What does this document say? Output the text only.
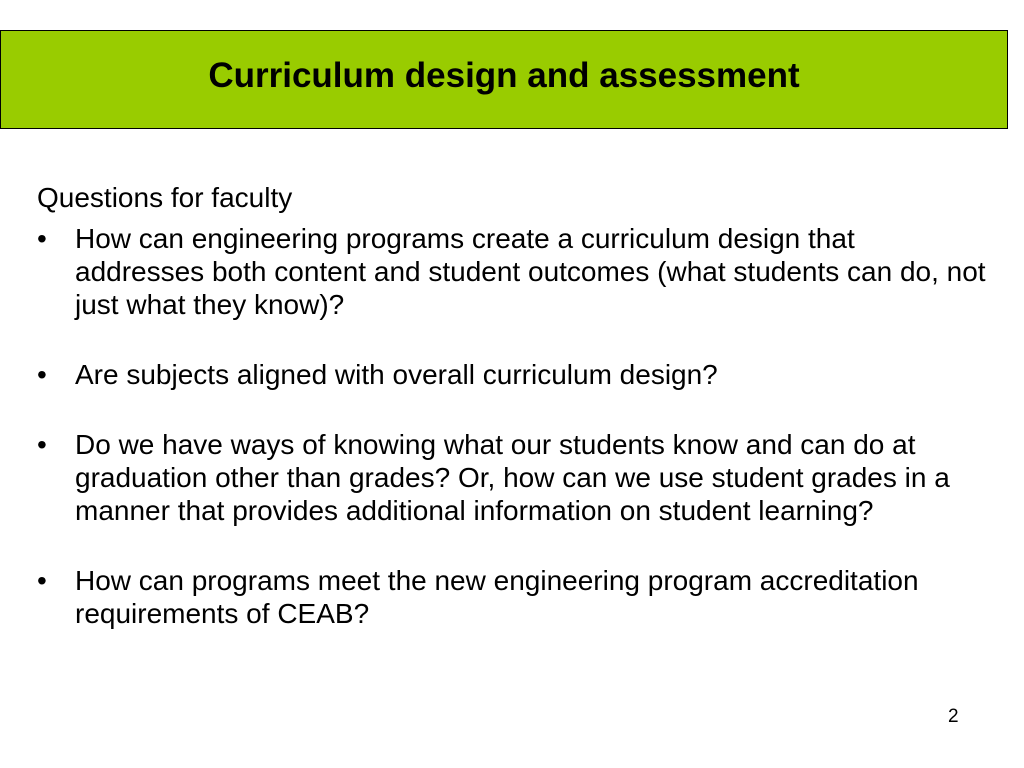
Curriculum design and assessment

Questions for faculty

•	How can engineering programs create a curriculum design that addresses both content and student outcomes (what students can do, not just what they know)?
•	Are subjects aligned with overall curriculum design?
•	Do we have ways of knowing what our students know and can do at graduation other than grades? Or, how can we use student grades in a manner that provides additional information on student learning?
•	How can programs meet the new engineering program accreditation requirements of CEAB?
2
